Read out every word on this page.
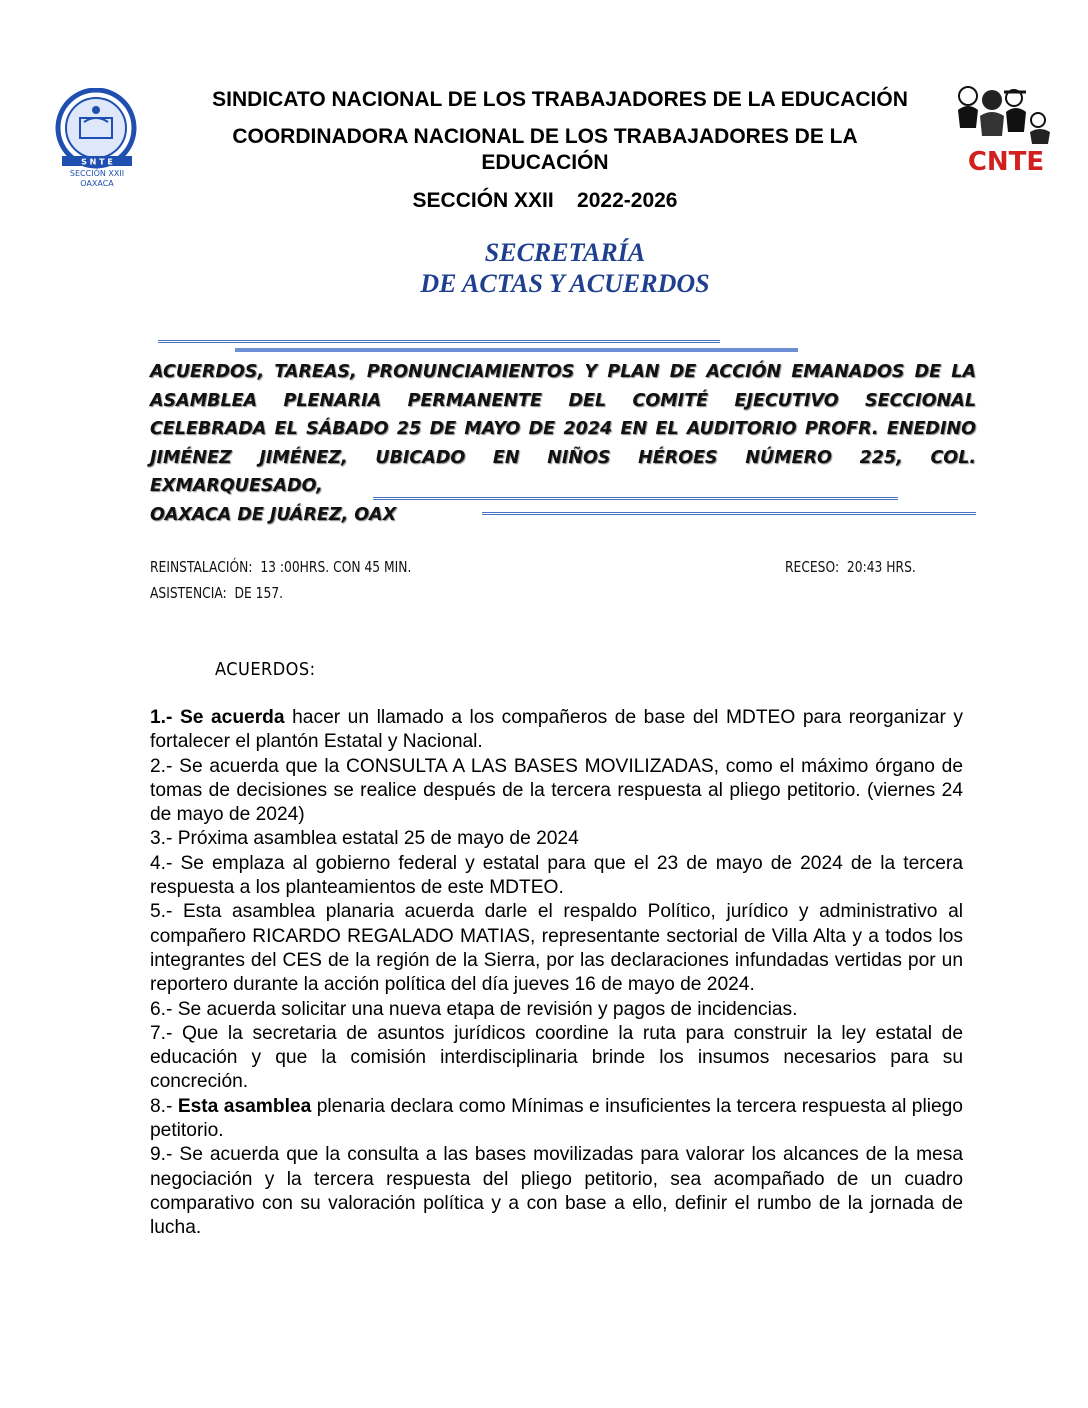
S N T E
SECCIÓN XXII
OAXACA
CNTE
SINDICATO NACIONAL DE LOS TRABAJADORES DE LA EDUCACIÓN
COORDINADORA NACIONAL DE LOS TRABAJADORES DE LA EDUCACIÓN
SECCIÓN XXII    2022-2026
SECRETARÍA
DE ACTAS Y ACUERDOS
ACUERDOS, TAREAS, PRONUNCIAMIENTOS Y PLAN DE ACCIÓN EMANADOS DE LA ASAMBLEA PLENARIA PERMANENTE DEL COMITÉ EJECUTIVO SECCIONAL CELEBRADA EL SÁBADO 25 DE MAYO DE 2024 EN EL AUDITORIO PROFR. ENEDINO JIMÉNEZ JIMÉNEZ, UBICADO EN NIÑOS HÉROES NÚMERO 225, COL. EXMARQUESADO,
OAXACA DE JUÁREZ, OAX
REINSTALACIÓN:  13 :00HRS. CON 45 MIN.	RECESO:  20:43 HRS.
ASISTENCIA:  DE 157.
ACUERDOS:

1.- Se acuerda hacer un llamado a los compañeros de base del MDTEO para reorganizar y fortalecer el plantón Estatal y Nacional.

2.- Se acuerda que la CONSULTA A LAS BASES MOVILIZADAS, como el máximo órgano de tomas de decisiones se realice después de la tercera respuesta al pliego petitorio. (viernes 24 de mayo de 2024)

3.- Próxima asamblea estatal 25 de mayo de 2024

4.- Se emplaza al gobierno federal y estatal para que el 23 de mayo de 2024 de la tercera respuesta a los planteamientos de este MDTEO.

5.- Esta asamblea planaria acuerda darle el respaldo Político, jurídico y administrativo al compañero RICARDO REGALADO MATIAS, representante sectorial de Villa Alta y a todos los integrantes del CES de la región de la Sierra, por las declaraciones infundadas vertidas por un reportero durante la acción política del día jueves 16 de mayo de 2024.

6.- Se acuerda solicitar una nueva etapa de revisión y pagos de incidencias.

7.- Que la secretaria de asuntos jurídicos coordine la ruta para construir la ley estatal de educación y que la comisión interdisciplinaria brinde los insumos necesarios para su concreción.

8.- Esta asamblea plenaria declara como Mínimas e insuficientes la tercera respuesta al pliego petitorio.

9.- Se acuerda que la consulta a las bases movilizadas para valorar los alcances de la mesa negociación y la tercera respuesta del pliego petitorio, sea acompañado de un cuadro comparativo con su valoración política y a con base a ello, definir el rumbo de la jornada de lucha.
